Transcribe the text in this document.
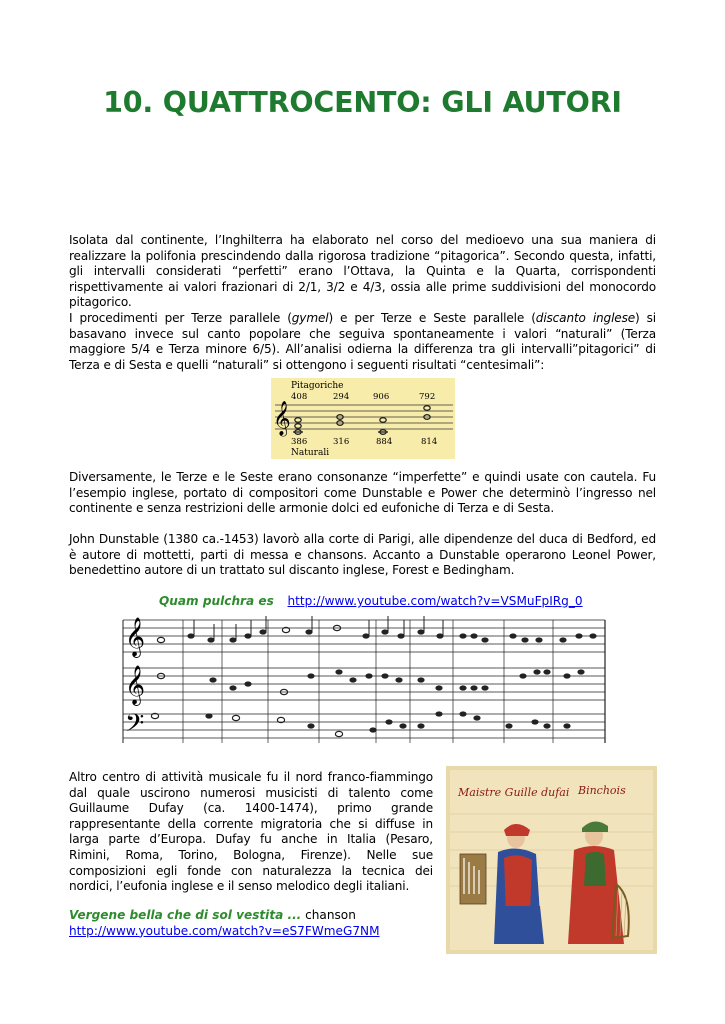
10. QUATTROCENTO: GLI AUTORI
Isolata dal continente, l’Inghilterra ha elaborato nel corso del medioevo una sua maniera di
realizzare la polifonia prescindendo dalla rigorosa tradizione “pitagorica”. Secondo questa, infatti,
gli intervalli considerati “perfetti” erano l’Ottava, la Quinta e la Quarta, corrispondenti
rispettivamente ai valori frazionari di 2/1, 3/2 e 4/3, ossia alle prime suddivisioni del monocordo
pitagorico.
I procedimenti per Terze parallele (gymel) e per Terze e Seste parallele (discanto inglese) si
basavano invece sul canto popolare che seguiva spontaneamente i valori “naturali” (Terza
maggiore 5/4 e Terza minore 6/5). All’analisi odierna la differenza tra gli intervalli”pitagorici” di
Terza e di Sesta e quelli “naturali” si ottengono i seguenti risultati “centesimali”:
Pitagoriche
408	294	906	792
𝄞
386	316	884	814
Naturali
Diversamente, le Terze e le Seste erano consonanze “imperfette” e quindi usate con cautela. Fu
l’esempio inglese, portato di compositori come Dunstable e Power che determinò l’ingresso nel
continente e senza restrizioni delle armonie dolci ed eufoniche di Terza e di Sesta.
John Dunstable (1380 ca.-1453) lavorò alla corte di Parigi, alle dipendenze del duca di Bedford, ed
è autore di mottetti, parti di messa e chansons. Accanto a Dunstable operarono Leonel Power,
benedettino autore di un trattato sul discanto inglese, Forest e Bedingham.
Quam pulchra es http://www.youtube.com/watch?v=VSMuFpIRg_0
𝄞
𝄞
𝄢
Altro centro di attività musicale fu il nord franco-fiammingo
dal quale uscirono numerosi musicisti di talento come
Guillaume Dufay (ca. 1400-1474), primo grande
rappresentante della corrente migratoria che si diffuse in
larga parte d’Europa. Dufay fu anche in Italia (Pesaro,
Rimini, Roma, Torino, Bologna, Firenze). Nelle sue
composizioni egli fonde con naturalezza la tecnica dei
nordici, l’eufonia inglese e il senso melodico degli italiani.
Vergene bella che di sol vestita ... chanson
http://www.youtube.com/watch?v=eS7FWmeG7NM
Maistre Guille dufai Binchois
